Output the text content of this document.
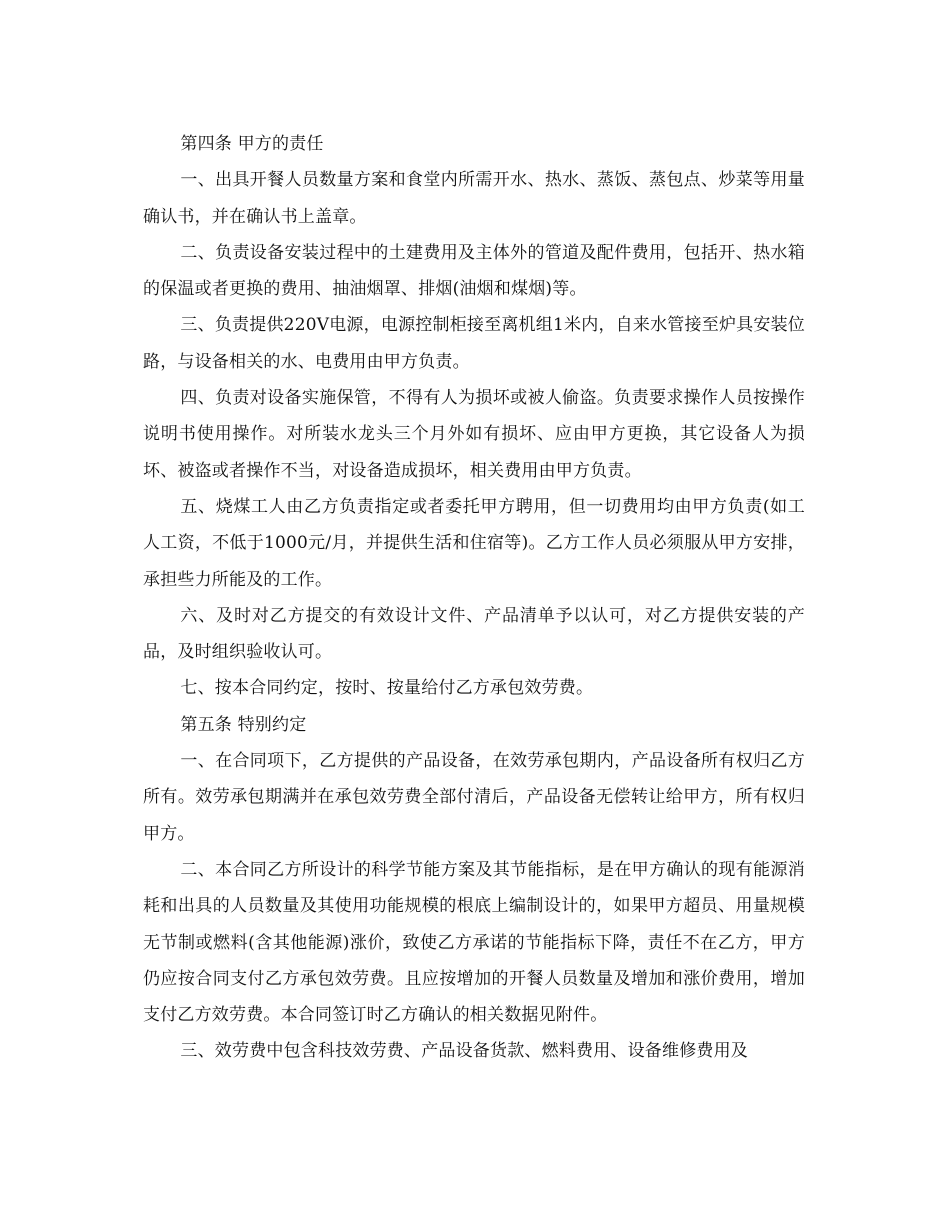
第四条 甲方的责任

一、出具开餐人员数量方案和食堂内所需开水、热水、蒸饭、蒸包点、炒菜等用量确认书，并在确认书上盖章。

二、负责设备安装过程中的土建费用及主体外的管道及配件费用，包括开、热水箱的保温或者更换的费用、抽油烟罩、排烟(油烟和煤烟)等。

三、负责提供220V电源，电源控制柜接至离机组1米内，自来水管接至炉具安装位路，与设备相关的水、电费用由甲方负责。

四、负责对设备实施保管，不得有人为损坏或被人偷盗。负责要求操作人员按操作说明书使用操作。对所装水龙头三个月外如有损坏、应由甲方更换，其它设备人为损坏、被盗或者操作不当，对设备造成损坏，相关费用由甲方负责。

五、烧煤工人由乙方负责指定或者委托甲方聘用，但一切费用均由甲方负责(如工人工资，不低于1000元/月，并提供生活和住宿等)。乙方工作人员必须服从甲方安排，承担些力所能及的工作。

六、及时对乙方提交的有效设计文件、产品清单予以认可，对乙方提供安装的产品，及时组织验收认可。

七、按本合同约定，按时、按量给付乙方承包效劳费。

第五条 特别约定

一、在合同项下，乙方提供的产品设备，在效劳承包期内，产品设备所有权归乙方所有。效劳承包期满并在承包效劳费全部付清后，产品设备无偿转让给甲方，所有权归甲方。

二、本合同乙方所设计的科学节能方案及其节能指标，是在甲方确认的现有能源消耗和出具的人员数量及其使用功能规模的根底上编制设计的，如果甲方超员、用量规模无节制或燃料(含其他能源)涨价，致使乙方承诺的节能指标下降，责任不在乙方，甲方仍应按合同支付乙方承包效劳费。且应按增加的开餐人员数量及增加和涨价费用，增加支付乙方效劳费。本合同签订时乙方确认的相关数据见附件。

三、效劳费中包含科技效劳费、产品设备货款、燃料费用、设备维修费用及
